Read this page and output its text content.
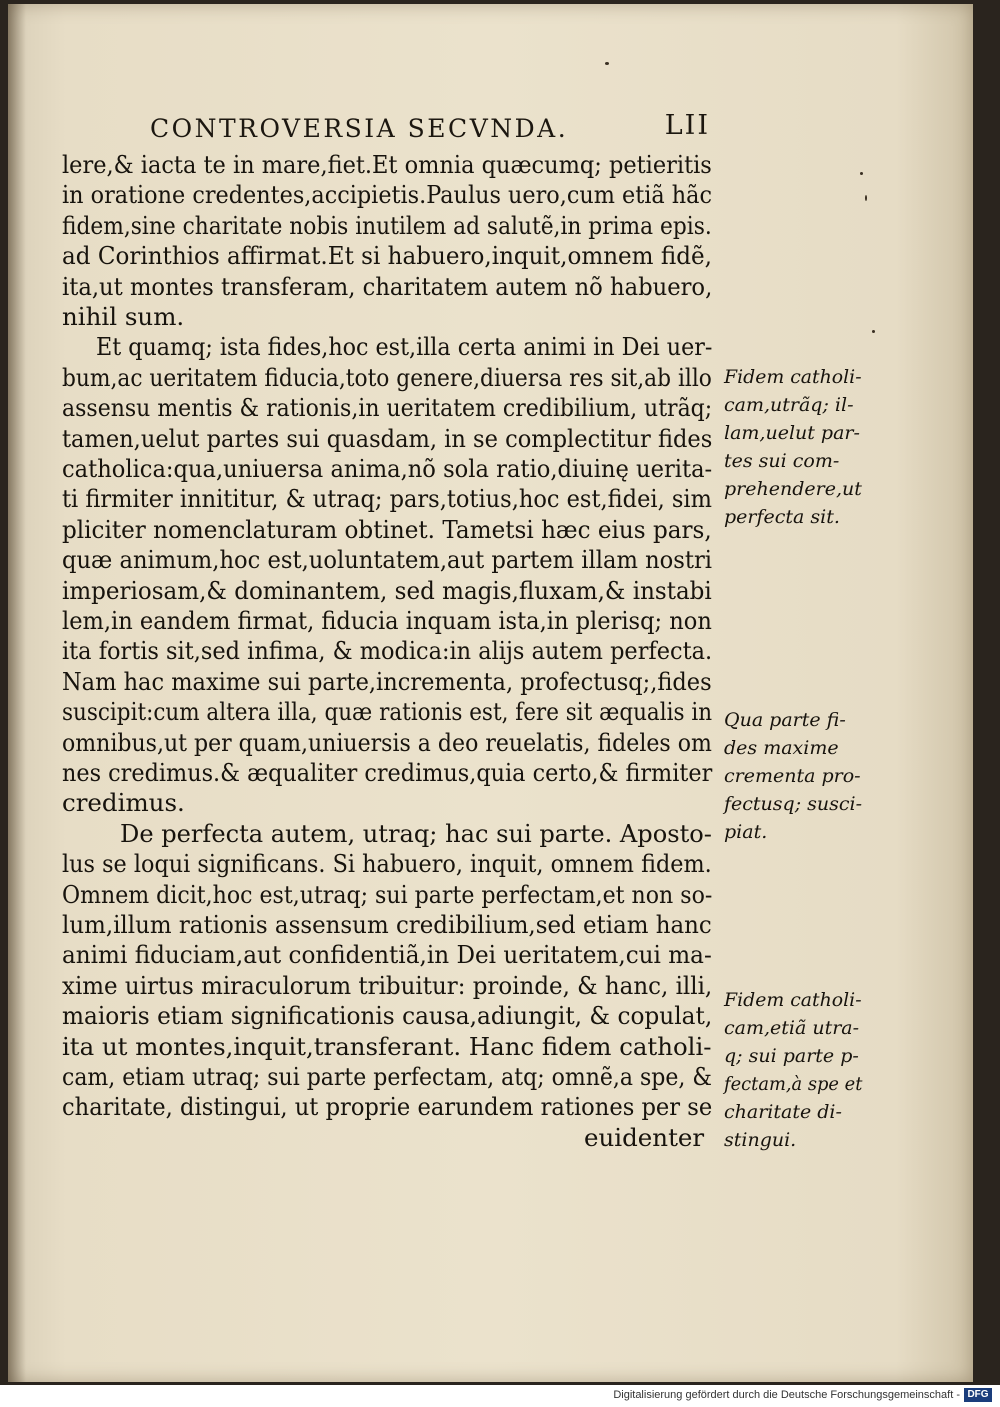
CONTROVERSIA SECVNDA.	LII
lere,& iacta te in mare,fiet.Et omnia quæcumq; petieritis
in oratione credentes,accipietis.Paulus uero,cum etiã hãc
fidem,sine charitate nobis inutilem ad salutẽ,in prima epis.
ad Corinthios affirmat.Et si habuero,inquit,omnem fidẽ,
ita,ut montes transferam, charitatem autem nõ habuero,
nihil sum.
Et quamq; ista fides,hoc est,illa certa animi in Dei uer-
bum,ac ueritatem fiducia,toto genere,diuersa res sit,ab illo
assensu mentis & rationis,in ueritatem credibilium, utrãq;
tamen,uelut partes sui quasdam, in se complectitur fides
catholica:qua,uniuersa anima,nõ sola ratio,diuinę uerita-
ti firmiter innititur, & utraq; pars,totius,hoc est,fidei, sim
pliciter nomenclaturam obtinet. Tametsi hæc eius pars,
quæ animum,hoc est,uoluntatem,aut partem illam nostri
imperiosam,& dominantem, sed magis,fluxam,& instabi
lem,in eandem firmat, fiducia inquam ista,in plerisq; non
ita fortis sit,sed infima, & modica:in alijs autem perfecta.
Nam hac maxime sui parte,incrementa, profectusq;,fides
suscipit:cum altera illa, quæ rationis est, fere sit æqualis in
omnibus,ut per quam,uniuersis a deo reuelatis, fideles om
nes credimus.& æqualiter credimus,quia certo,& firmiter
credimus.
De perfecta autem, utraq; hac sui parte. Aposto-
lus se loqui significans. Si habuero, inquit, omnem fidem.
Omnem dicit,hoc est,utraq; sui parte perfectam,et non so-
lum,illum rationis assensum credibilium,sed etiam hanc
animi fiduciam,aut confidentiã,in Dei ueritatem,cui ma-
xime uirtus miraculorum tribuitur: proinde, & hanc, illi,
maioris etiam significationis causa,adiungit, & copulat,
ita ut montes,inquit,transferant. Hanc fidem catholi-
cam, etiam utraq; sui parte perfectam, atq; omnẽ,a spe, &
charitate, distingui, ut proprie earundem rationes per se
euidenter
Fidem catholi-
cam,utrãq; il-
lam,uelut par-
tes sui com-
prehendere,ut
perfecta sit.
Qua parte fi-
des maxime
crementa pro-
fectusq; susci-
piat.
Fidem catholi-
cam,etiã utra-
q; sui parte p-
fectam,à spe et
charitate di-
stingui.
Digitalisierung gefördert durch die Deutsche Forschungsgemeinschaft - DFG
